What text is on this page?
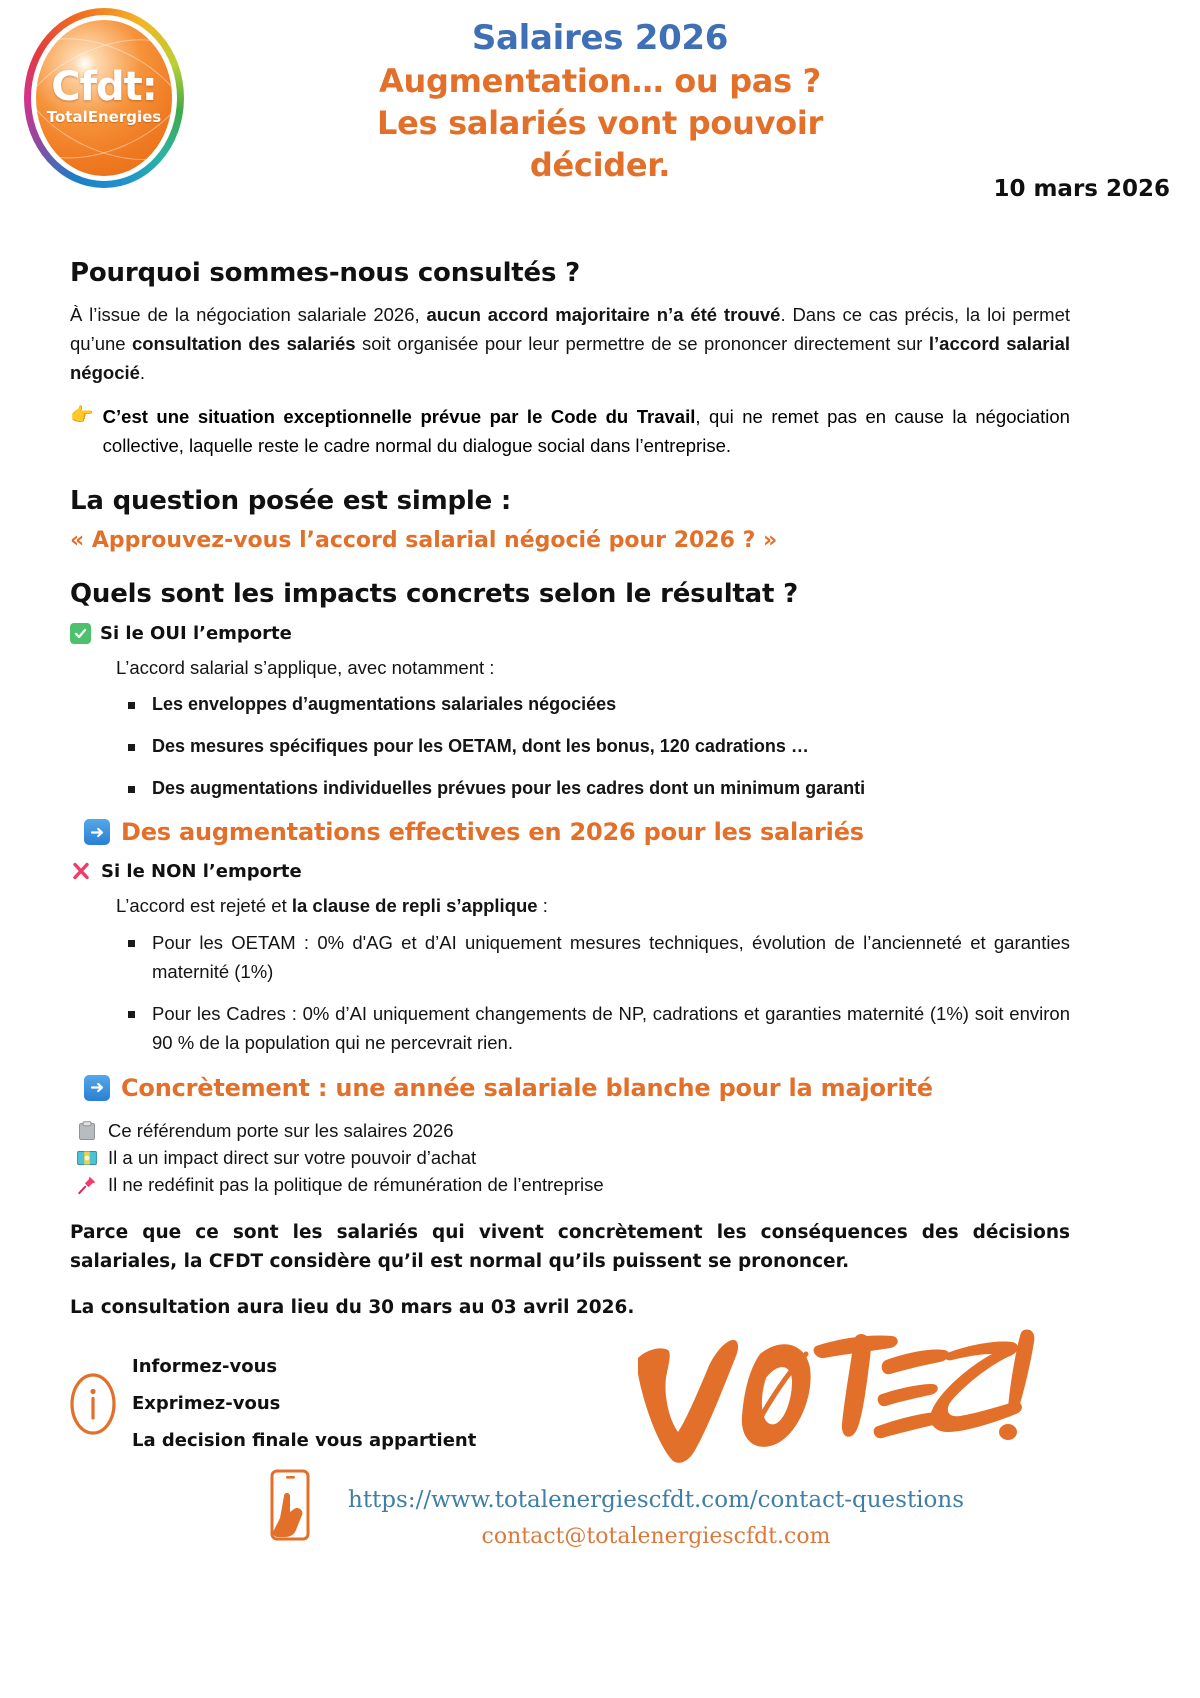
Cfdt:
TotalEnergies
Salaires 2026
Augmentation… ou pas ?
Les salariés vont pouvoir
décider.
10 mars 2026
Pourquoi sommes-nous consultés ?

À l’issue de la négociation salariale 2026, aucun accord majoritaire n’a été trouvé. Dans ce cas précis, la loi permet qu’une consultation des salariés soit organisée pour leur permettre de se prononcer directement sur l’accord salarial négocié.

👉 C’est une situation exceptionnelle prévue par le Code du Travail, qui ne remet pas en cause la négociation collective, laquelle reste le cadre normal du dialogue social dans l’entreprise.
La question posée est simple :
« Approuvez-vous l’accord salarial négocié pour 2026 ? »
Quels sont les impacts concrets selon le résultat ?
Si le OUI l’emporte
L’accord salarial s’applique, avec notamment :
Les enveloppes d’augmentations salariales négociées
Des mesures spécifiques pour les OETAM, dont les bonus, 120 cadrations …
Des augmentations individuelles prévues pour les cadres dont un minimum garanti
Des augmentations effectives en 2026 pour les salariés
Si le NON l’emporte
L’accord est rejeté et la clause de repli s’applique :
Pour les OETAM : 0% d'AG et d’AI uniquement mesures techniques, évolution de l’ancienneté et garanties maternité (1%)
Pour les Cadres : 0% d’AI uniquement changements de NP, cadrations et garanties maternité (1%) soit environ 90 % de la population qui ne percevrait rien.
Concrètement : une année salariale blanche pour la majorité
Ce référendum porte sur les salaires 2026
Il a un impact direct sur votre pouvoir d’achat
Il ne redéfinit pas la politique de rémunération de l’entreprise

Parce que ce sont les salariés qui vivent concrètement les conséquences des décisions salariales, la CFDT considère qu’il est normal qu’ils puissent se prononcer.

La consultation aura lieu du 30 mars au 03 avril 2026.

Informez-vous
Exprimez-vous
La decision finale vous appartient
https://www.totalenergiescfdt.com/contact-questions
contact@totalenergiescfdt.com
